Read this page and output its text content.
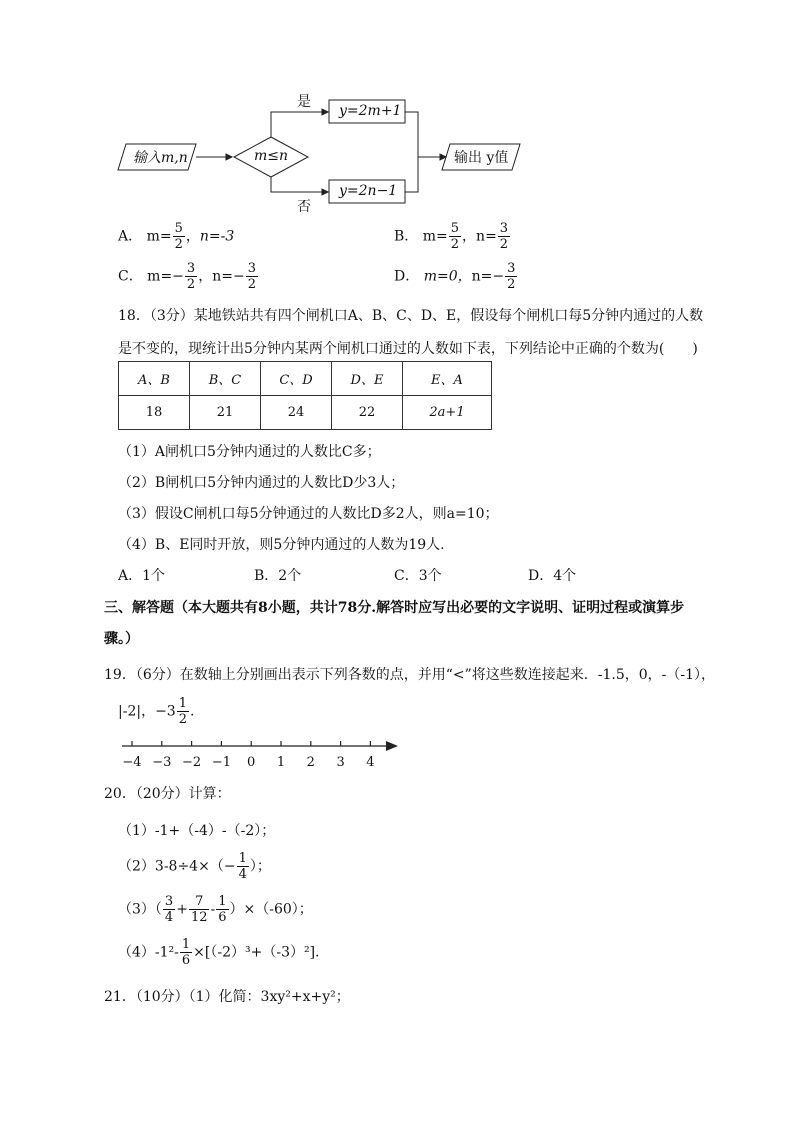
输入m,n	m≤n
是
否
y=2m+1
y=2n−1
输出 y值
A． $m= \frac{5}{2}$ ，n=-3	B． $m= \frac{5}{2}$ ，$n= \frac{3}{2}$
C． $m=- \frac{3}{2}$ ，$n=- \frac{3}{2}$	D． m=0，$n=- \frac{3}{2}$
18．（3分）某地铁站共有四个闸机口A、B、C、D、E，假设每个闸机口每5分钟内通过的人数
是不变的，现统计出5分钟内某两个闸机口通过的人数如下表，下列结论中正确的个数为(　　)
A、B	B、C	C、D	D、E	E、A
18	21	24	22	2a+1
（1）A闸机口5分钟内通过的人数比C多；
（2）B闸机口5分钟内通过的人数比D少3人；
（3）假设C闸机口每5分钟通过的人数比D多2人，则a=10；
（4）B、E同时开放，则5分钟内通过的人数为19人.
A．1个	B．2个	C．3个	D．4个
三、解答题（本大题共有8小题，共计78分.解答时应写出必要的文字说明、证明过程或演算步
骤。）
19．（6分）在数轴上分别画出表示下列各数的点，并用“<”将这些数连接起来．-1.5，0，-（-1），
|-2|，$-3 \frac{1}{2}$ .
−4 −3 −2 −1 0 1 2 3 4
20．（20分）计算：
（1）-1+（-4）-（-2）；
$(2)3-8\div 4\times(- \frac{1}{4}$ ）；
$(3)( \frac{3}{4} + \frac{7}{12} - \frac{1}{6} )\times(-60)$；
$(4)-1^2- \frac{1}{6} \times[(-2)^3+(-3)^2]$.
21．（10分）（1）化简：3xy²+x+y²；
